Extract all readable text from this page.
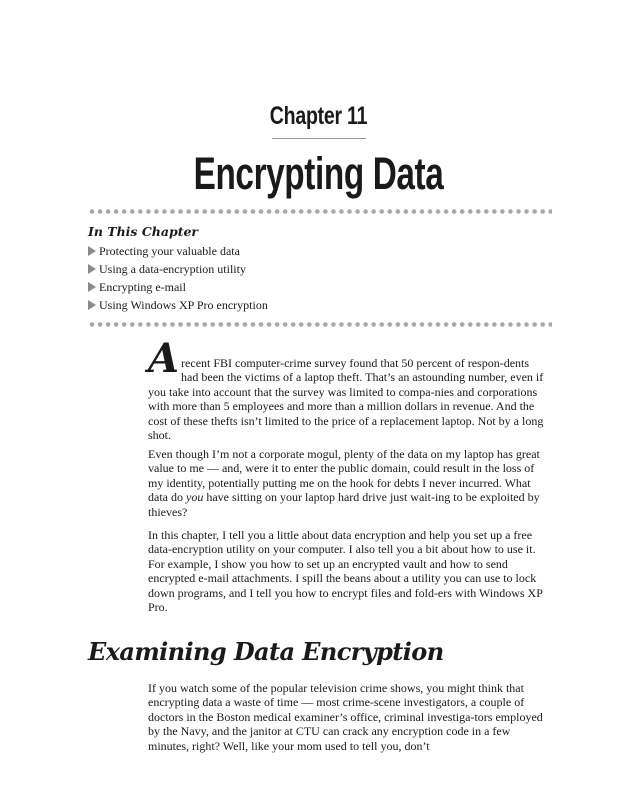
Chapter 11
Encrypting Data
In This Chapter
Protecting your valuable data
Using a data-encryption utility
Encrypting e-mail
Using Windows XP Pro encryption

A recent FBI computer-crime survey found that 50 percent of respon-dents had been the victims of a laptop theft. That’s an astounding number, even if you take into account that the survey was limited to compa-nies and corporations with more than 5 employees and more than a million dollars in revenue. And the cost of these thefts isn’t limited to the price of a replacement laptop. Not by a long shot.

Even though I’m not a corporate mogul, plenty of the data on my laptop has great value to me — and, were it to enter the public domain, could result in the loss of my identity, potentially putting me on the hook for debts I never incurred. What data do you have sitting on your laptop hard drive just wait-ing to be exploited by thieves?

In this chapter, I tell you a little about data encryption and help you set up a free data-encryption utility on your computer. I also tell you a bit about how to use it. For example, I show you how to set up an encrypted vault and how to send encrypted e-mail attachments. I spill the beans about a utility you can use to lock down programs, and I tell you how to encrypt files and fold-ers with Windows XP Pro.

Examining Data Encryption

If you watch some of the popular television crime shows, you might think that encrypting data a waste of time — most crime-scene investigators, a couple of doctors in the Boston medical examiner’s office, criminal investiga-tors employed by the Navy, and the janitor at CTU can crack any encryption code in a few minutes, right? Well, like your mom used to tell you, don’t
